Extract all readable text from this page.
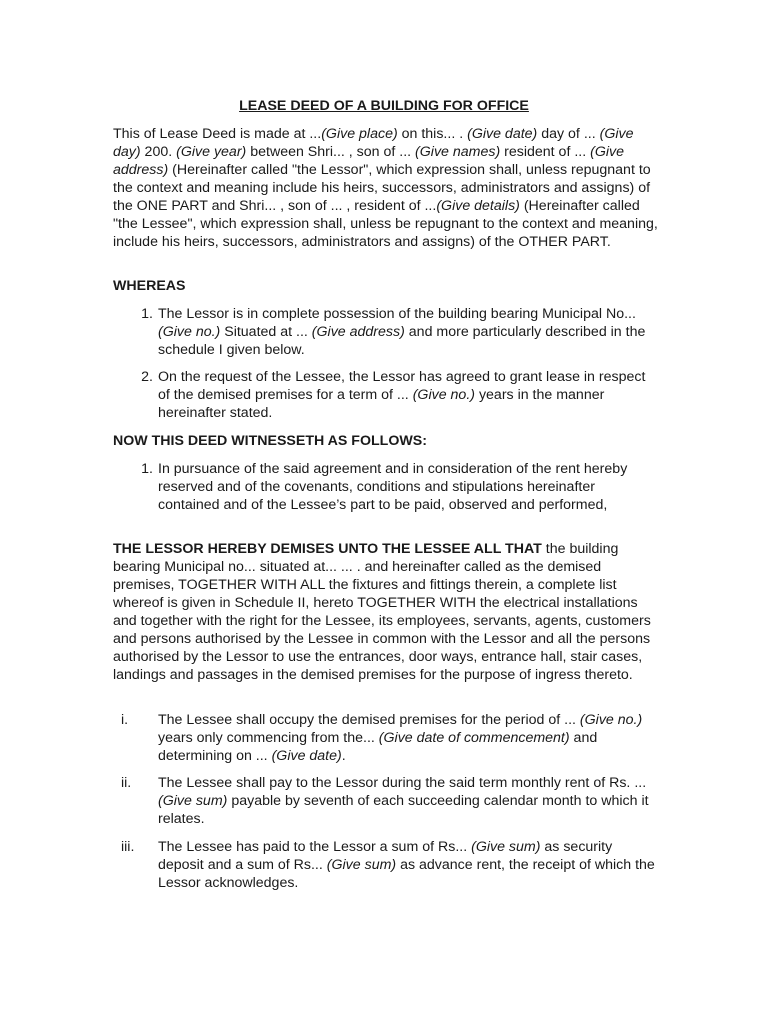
LEASE DEED OF A BUILDING FOR OFFICE

This of Lease Deed is made at ...(Give place) on this... . (Give date) day of ... (Give day) 200. (Give year) between Shri... , son of ... (Give names) resident of ... (Give address) (Hereinafter called "the Lessor", which expression shall, unless repugnant to the context and meaning include his heirs, successors, administrators and assigns) of the ONE PART and Shri... , son of ... , resident of ...(Give details) (Hereinafter called "the Lessee", which expression shall, unless be repugnant to the context and meaning, include his heirs, successors, administrators and assigns) of the OTHER PART.

WHEREAS
1. The Lessor is in complete possession of the building bearing Municipal No... (Give no.) Situated at ... (Give address) and more particularly described in the schedule I given below.
2. On the request of the Lessee, the Lessor has agreed to grant lease in respect of the demised premises for a term of ... (Give no.) years in the manner hereinafter stated.
NOW THIS DEED WITNESSETH AS FOLLOWS:
1. In pursuance of the said agreement and in consideration of the rent hereby reserved and of the covenants, conditions and stipulations hereinafter contained and of the Lessee’s part to be paid, observed and performed,

THE LESSOR HEREBY DEMISES UNTO THE LESSEE ALL THAT the building bearing Municipal no... situated at... ... . and hereinafter called as the demised premises, TOGETHER WITH ALL the fixtures and fittings therein, a complete list whereof is given in Schedule II, hereto TOGETHER WITH the electrical installations and together with the right for the Lessee, its employees, servants, agents, customers and persons authorised by the Lessee in common with the Lessor and all the persons authorised by the Lessor to use the entrances, door ways, entrance hall, stair cases, landings and passages in the demised premises for the purpose of ingress thereto.

i.	The Lessee shall occupy the demised premises for the period of ... (Give no.) years only commencing from the... (Give date of commencement) and determining on ... (Give date).
ii.	The Lessee shall pay to the Lessor during the said term monthly rent of Rs. ... (Give sum) payable by seventh of each succeeding calendar month to which it relates.
iii.	The Lessee has paid to the Lessor a sum of Rs... (Give sum) as security deposit and a sum of Rs... (Give sum) as advance rent, the receipt of which the Lessor acknowledges.
